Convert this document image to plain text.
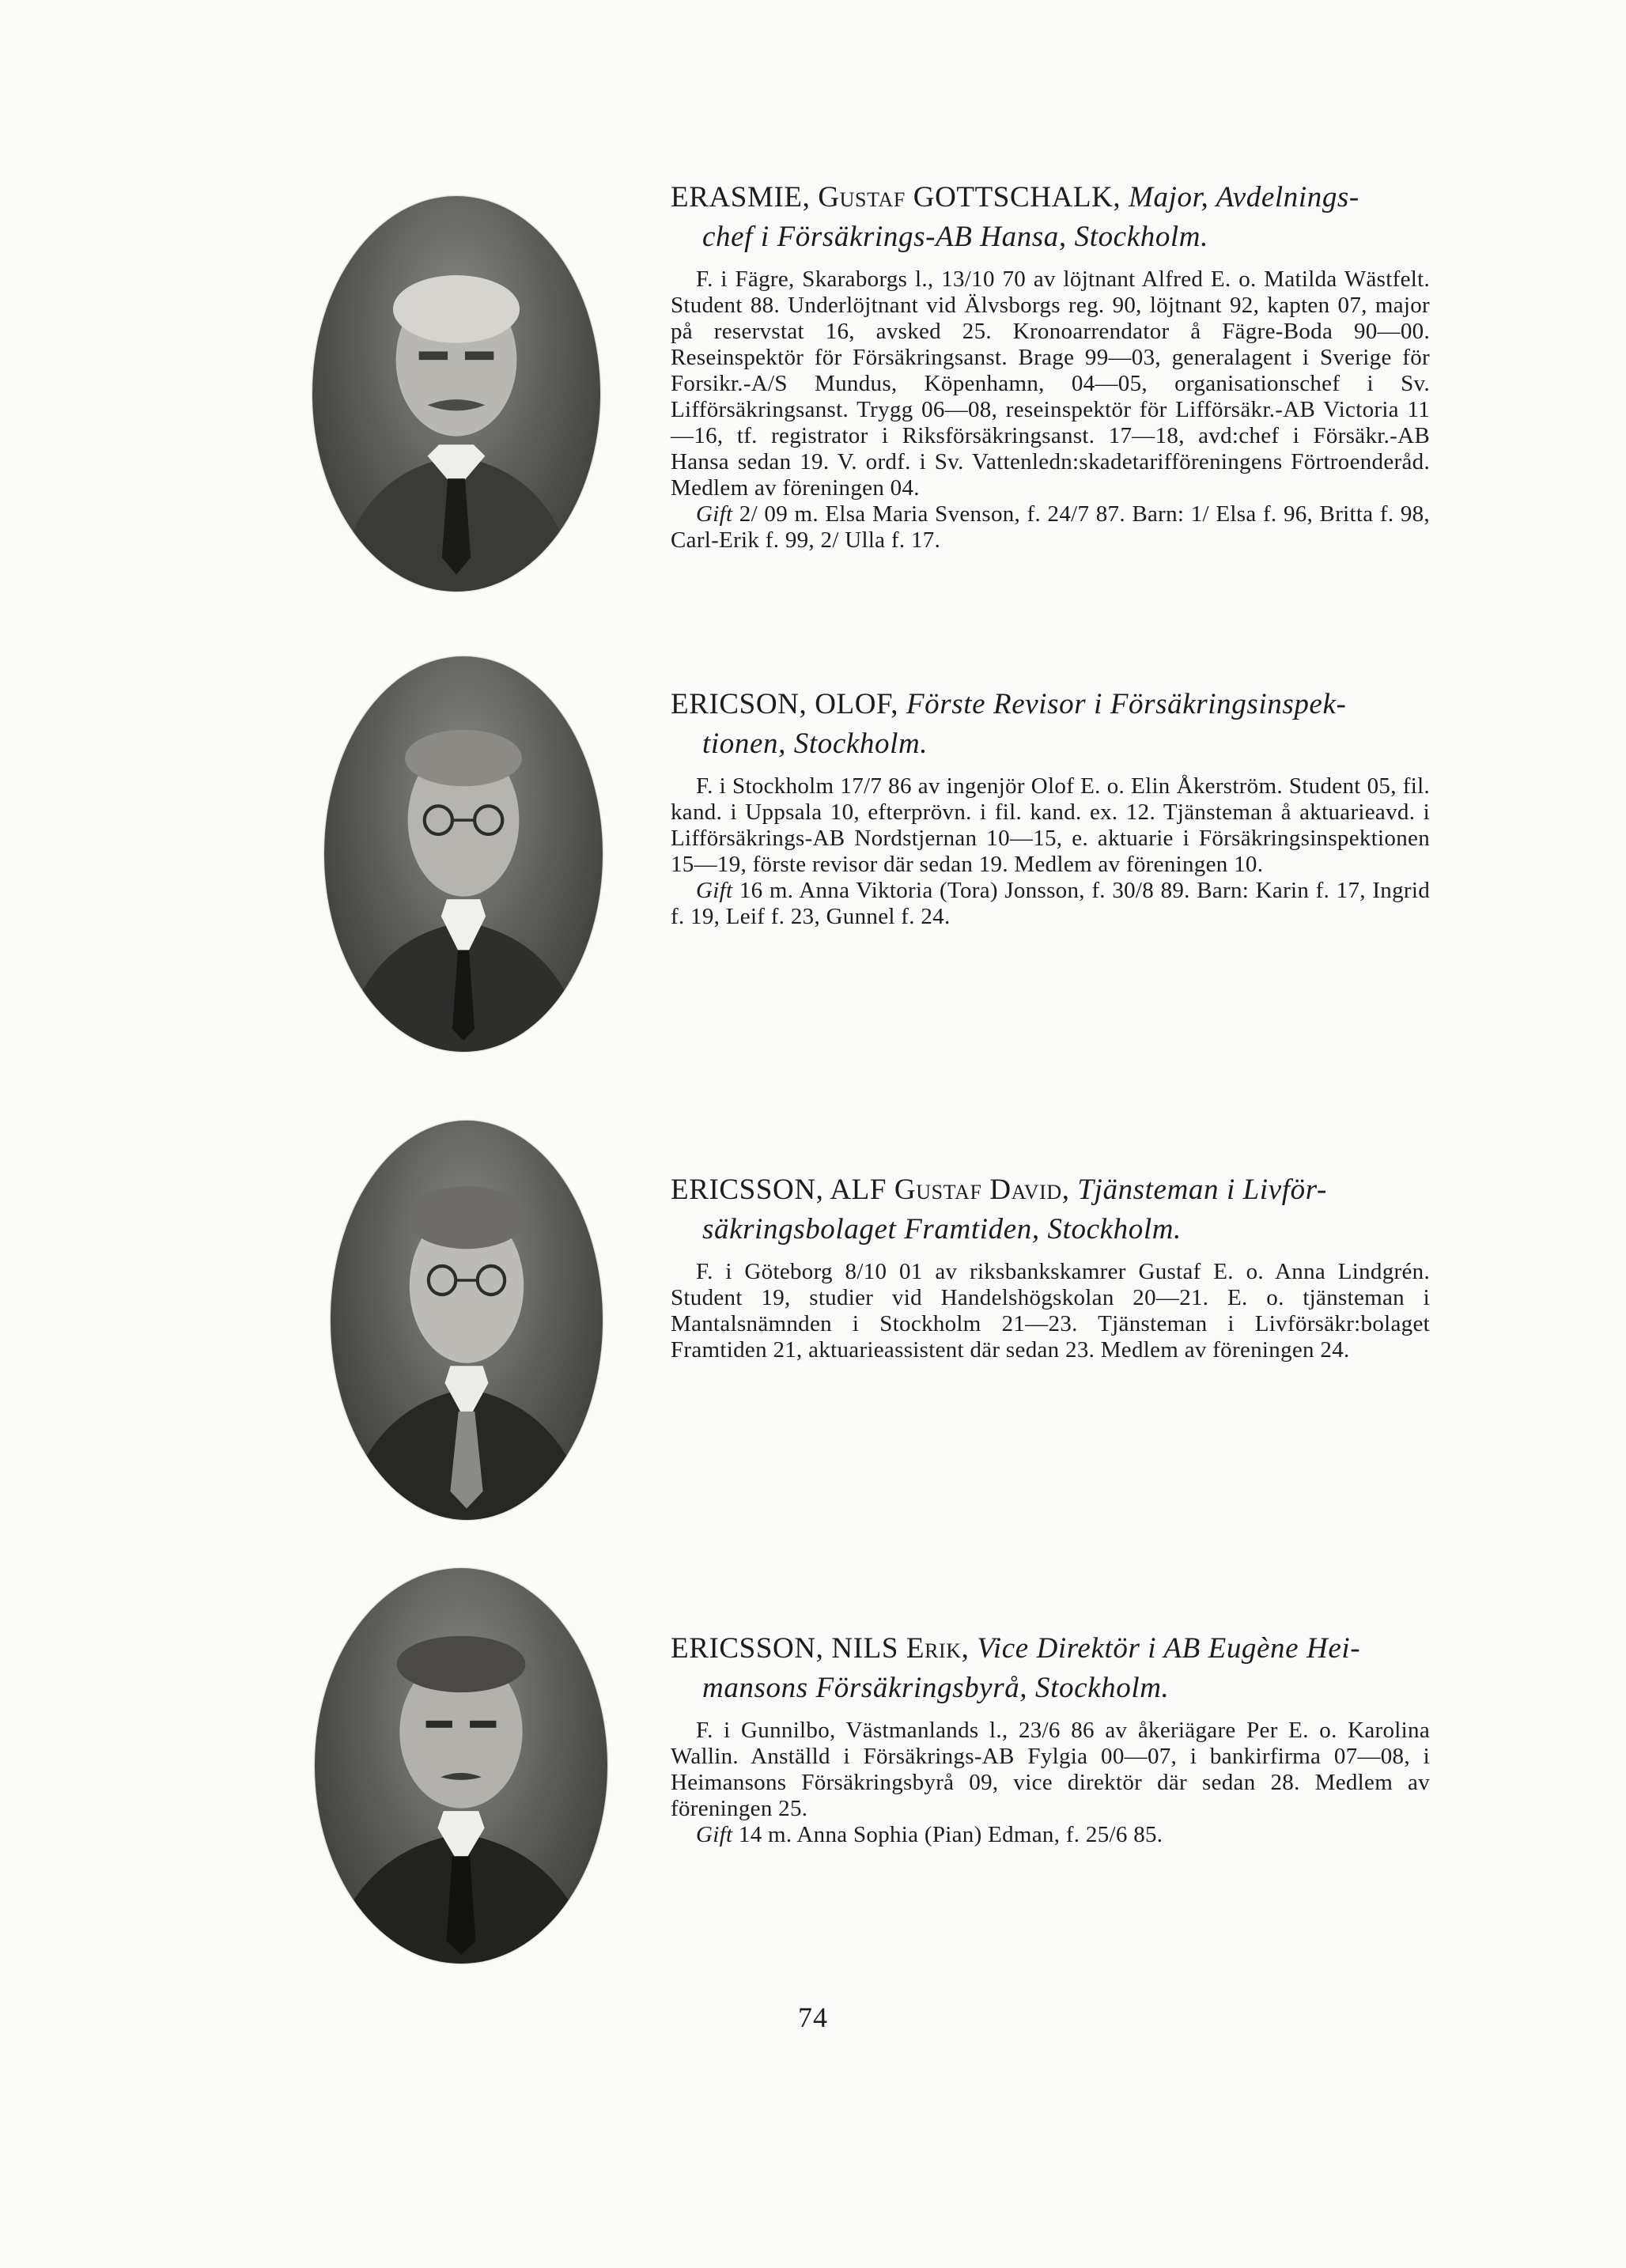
ERASMIE, Gustaf GOTTSCHALK, Major, Avdelnings-
chef i Försäkrings-AB Hansa, Stockholm.

F. i Fägre, Skaraborgs l., 13/10 70 av löjtnant Alfred E. o. Matilda Wästfelt. Student 88. Underlöjtnant vid Älvsborgs reg. 90, löjtnant 92, kapten 07, major på reservstat 16, avsked 25. Kronoarrendator å Fägre-Boda 90—00. Reseinspektör för Försäkringsanst. Brage 99—03, generalagent i Sverige för Forsikr.-A/S Mundus, Köpenhamn, 04—05, organisationschef i Sv. Lifförsäkringsanst. Trygg 06—08, reseinspektör för Lifförsäkr.-AB Victoria 11—16, tf. registrator i Riksförsäkringsanst. 17—18, avd:chef i Försäkr.-AB Hansa sedan 19. V. ordf. i Sv. Vattenledn:skadetarifföreningens Förtroenderåd. Medlem av föreningen 04.

Gift 2/ 09 m. Elsa Maria Svenson, f. 24/7 87. Barn: 1/ Elsa f. 96, Britta f. 98, Carl-Erik f. 99, 2/ Ulla f. 17.

ERICSON, OLOF, Förste Revisor i Försäkringsinspek-
tionen, Stockholm.

F. i Stockholm 17/7 86 av ingenjör Olof E. o. Elin Åkerström. Student 05, fil. kand. i Uppsala 10, efterprövn. i fil. kand. ex. 12. Tjänsteman å aktuarieavd. i Lifförsäkrings-AB Nordstjernan 10—15, e. aktuarie i Försäkringsinspektionen 15—19, förste revisor där sedan 19. Medlem av föreningen 10.

Gift 16 m. Anna Viktoria (Tora) Jonsson, f. 30/8 89. Barn: Karin f. 17, Ingrid f. 19, Leif f. 23, Gunnel f. 24.

ERICSSON, ALF Gustaf David, Tjänsteman i Livför-
säkringsbolaget Framtiden, Stockholm.

F. i Göteborg 8/10 01 av riksbankskamrer Gustaf E. o. Anna Lindgrén. Student 19, studier vid Handelshögskolan 20—21. E. o. tjänsteman i Mantalsnämnden i Stockholm 21—23. Tjänsteman i Livförsäkr:bolaget Framtiden 21, aktuarieassistent där sedan 23. Medlem av föreningen 24.

ERICSSON, NILS Erik, Vice Direktör i AB Eugène Hei-
mansons Försäkringsbyrå, Stockholm.

F. i Gunnilbo, Västmanlands l., 23/6 86 av åkeriägare Per E. o. Karolina Wallin. Anställd i Försäkrings-AB Fylgia 00—07, i bankirfirma 07—08, i Heimansons Försäkringsbyrå 09, vice direktör där sedan 28. Medlem av föreningen 25.

Gift 14 m. Anna Sophia (Pian) Edman, f. 25/6 85.

74
